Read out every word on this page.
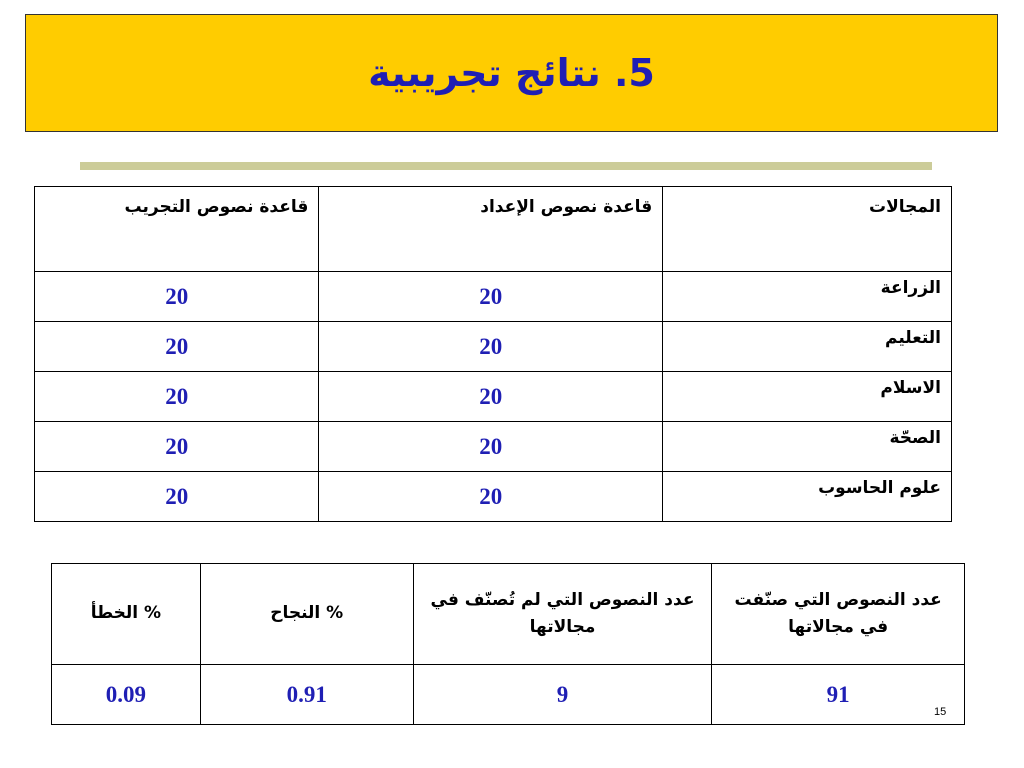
5. نتائج تجريبية
المجالات	قاعدة نصوص الإعداد	قاعدة نصوص التجريب
الزراعة	20	20
التعليم	20	20
الاسلام	20	20
الصحّة	20	20
علوم الحاسوب	20	20
عدد النصوص التي صنّفت في مجالاتها	عدد النصوص التي لم تُصنّف في مجالاتها	% النجاح	% الخطأ
91	9	0.91	0.09
15
